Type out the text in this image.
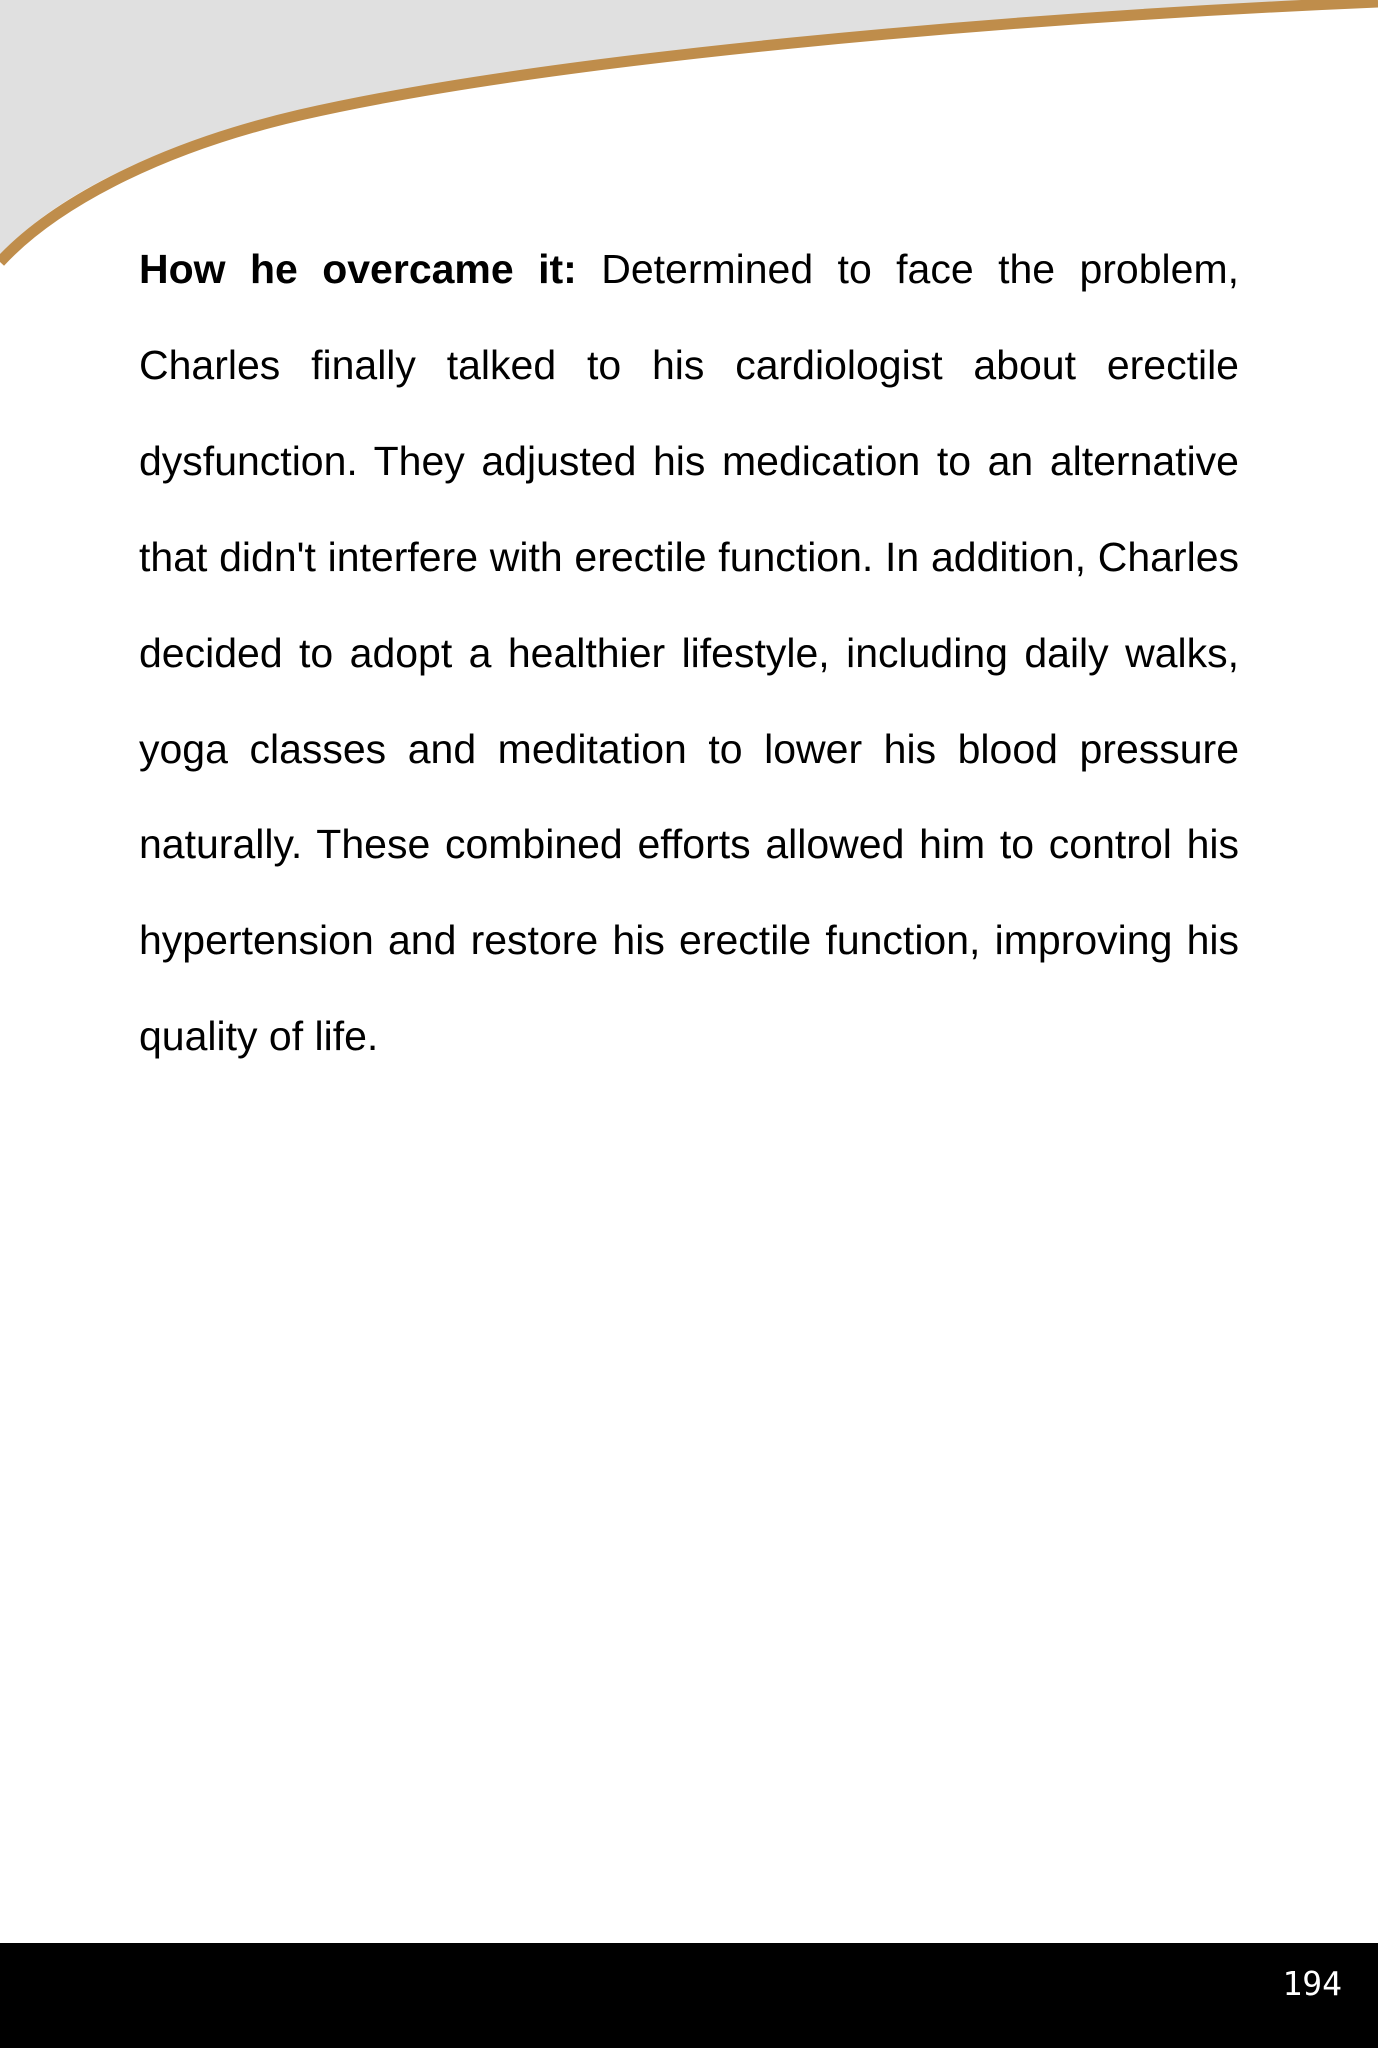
How he overcame it: Determined to face the problem, Charles finally talked to his cardiologist about erectile dysfunction. They adjusted his medication to an alternative that didn't interfere with erectile function. In addition, Charles decided to adopt a healthier lifestyle, including daily walks, yoga classes and meditation to lower his blood pressure naturally. These combined efforts allowed him to control his hypertension and restore his erectile function, improving his quality of life.
194
